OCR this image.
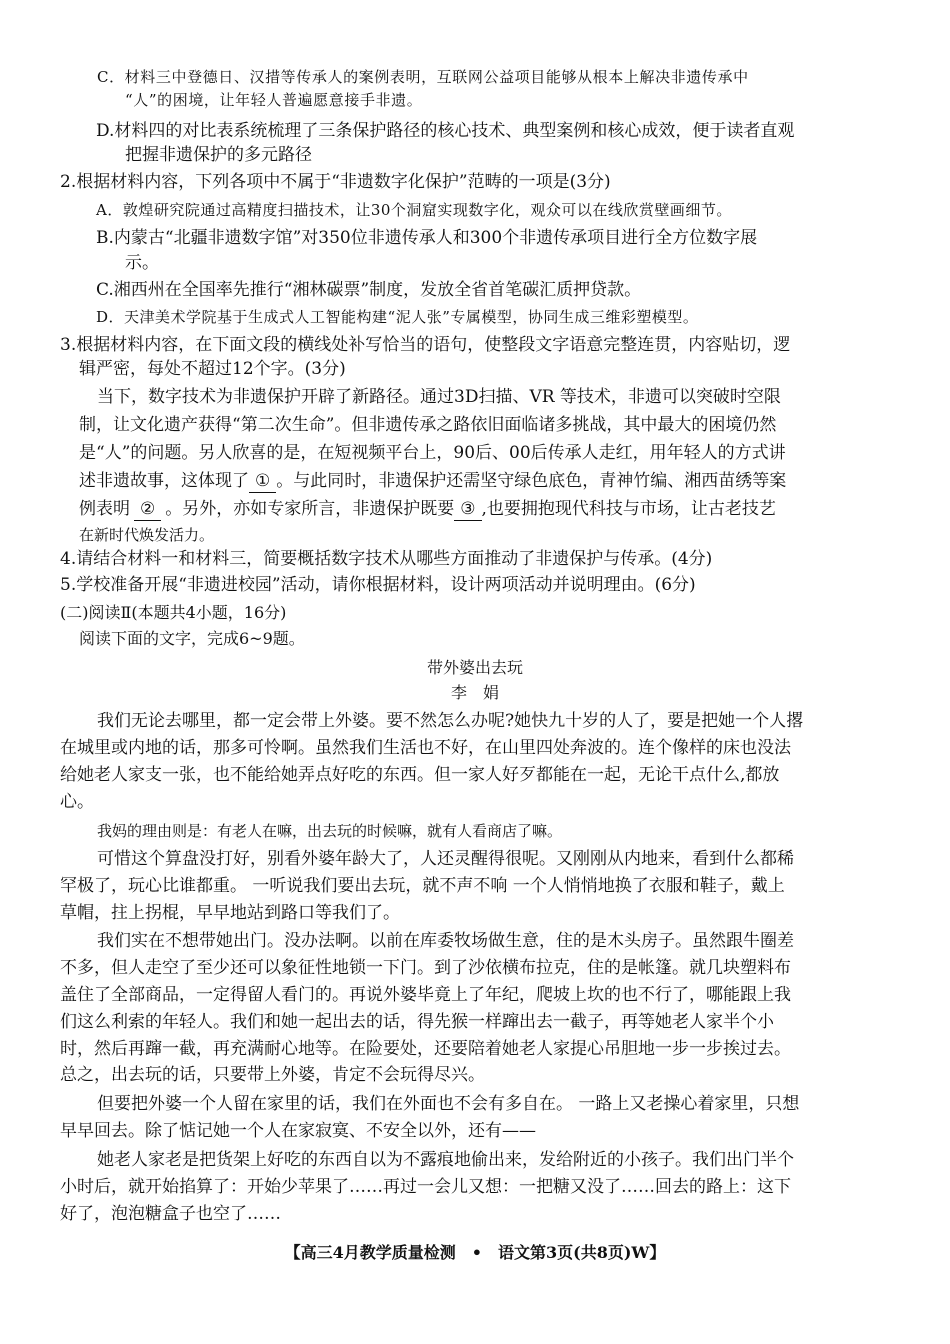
C．材料三中登德日、汉措等传承人的案例表明，互联网公益项目能够从根本上解决非遗传承中
“人”的困境，让年轻人普遍愿意接手非遗。
D.材料四的对比表系统梳理了三条保护路径的核心技术、典型案例和核心成效，便于读者直观
把握非遗保护的多元路径
2.根据材料内容，下列各项中不属于“非遗数字化保护”范畴的一项是(3分)
A．敦煌研究院通过高精度扫描技术，让30个洞窟实现数字化，观众可以在线欣赏壁画细节。
B.内蒙古“北疆非遗数字馆”对350位非遗传承人和300个非遗传承项目进行全方位数字展
示。
C.湘西州在全国率先推行“湘林碳票”制度，发放全省首笔碳汇质押贷款。
D．天津美术学院基于生成式人工智能构建“泥人张”专属模型，协同生成三维彩塑模型。
3.根据材料内容，在下面文段的横线处补写恰当的语句，使整段文字语意完整连贯，内容贴切，逻
辑严密，每处不超过12个字。(3分)
当下，数字技术为非遗保护开辟了新路径。通过3D扫描、VR 等技术，非遗可以突破时空限
制，让文化遗产获得“第二次生命”。但非遗传承之路依旧面临诸多挑战，其中最大的困境仍然
是“人”的问题。另人欣喜的是，在短视频平台上，90后、00后传承人走红，用年轻人的方式讲
述非遗故事，这体现了 ① 。与此同时，非遗保护还需坚守绿色底色，青神竹编、湘西苗绣等案
例表明 ② 。另外，亦如专家所言，非遗保护既要 ③ ,也要拥抱现代科技与市场，让古老技艺
在新时代焕发活力。
4.请结合材料一和材料三，简要概括数字技术从哪些方面推动了非遗保护与传承。(4分)
5.学校准备开展“非遗进校园”活动，请你根据材料，设计两项活动并说明理由。(6分)
(二)阅读Ⅱ(本题共4小题，16分)
阅读下面的文字，完成6~9题。
带外婆出去玩
李　娟
我们无论去哪里，都一定会带上外婆。要不然怎么办呢?她快九十岁的人了，要是把她一个人撂
在城里或内地的话，那多可怜啊。虽然我们生活也不好，在山里四处奔波的。连个像样的床也没法
给她老人家支一张，也不能给她弄点好吃的东西。但一家人好歹都能在一起，无论干点什么,都放
心。
我妈的理由则是：有老人在嘛，出去玩的时候嘛，就有人看商店了嘛。
可惜这个算盘没打好，别看外婆年龄大了，人还灵醒得很呢。又刚刚从内地来，看到什么都稀
罕极了，玩心比谁都重。 一听说我们要出去玩，就不声不响 一个人悄悄地换了衣服和鞋子，戴上
草帽，拄上拐棍，早早地站到路口等我们了。
我们实在不想带她出门。没办法啊。以前在库委牧场做生意，住的是木头房子。虽然跟牛圈差
不多，但人走空了至少还可以象征性地锁一下门。到了沙依横布拉克，住的是帐篷。就几块塑料布
盖住了全部商品，一定得留人看门的。再说外婆毕竟上了年纪，爬坡上坎的也不行了，哪能跟上我
们这么利索的年轻人。我们和她一起出去的话，得先猴一样蹿出去一截子，再等她老人家半个小
时，然后再蹿一截，再充满耐心地等。在险要处，还要陪着她老人家提心吊胆地一步一步挨过去。
总之，出去玩的话，只要带上外婆，肯定不会玩得尽兴。
但要把外婆一个人留在家里的话，我们在外面也不会有多自在。 一路上又老操心着家里，只想
早早回去。除了惦记她一个人在家寂寞、不安全以外，还有——
她老人家老是把货架上好吃的东西自以为不露痕地偷出来，发给附近的小孩子。我们出门半个
小时后，就开始掐算了：开始少苹果了……再过一会儿又想：一把糖又没了……回去的路上：这下
好了，泡泡糖盒子也空了……
【高三4月教学质量检测　•　语文第3页(共8页)W】
